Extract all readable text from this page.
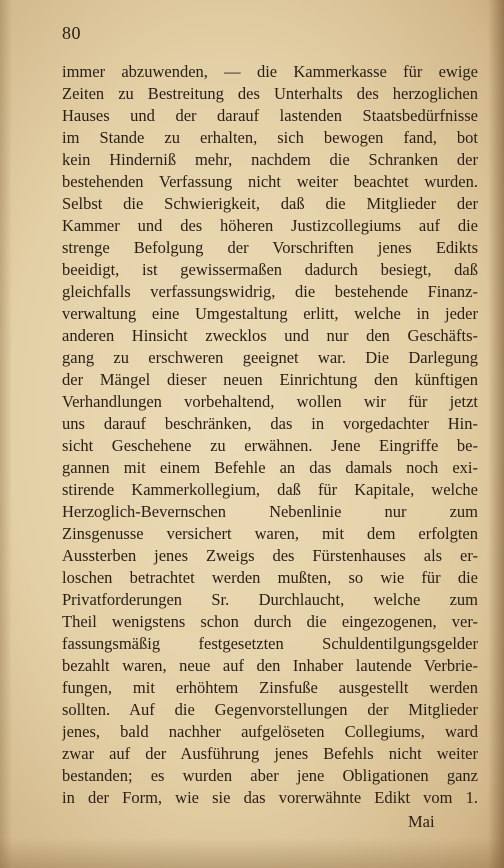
80
immer abzuwenden, — die Kammerkasse für ewige
Zeiten zu Bestreitung des Unterhalts des herzoglichen
Hauses und der darauf lastenden Staatsbedürfnisse
im Stande zu erhalten, sich bewogen fand, bot
kein Hinderniß mehr, nachdem die Schranken der
bestehenden Verfassung nicht weiter beachtet wurden.
Selbst die Schwierigkeit, daß die Mitglieder der
Kammer und des höheren Justizcollegiums auf die
strenge Befolgung der Vorschriften jenes Edikts
beeidigt, ist gewissermaßen dadurch besiegt, daß
gleichfalls verfassungswidrig, die bestehende Finanz-
verwaltung eine Umgestaltung erlitt, welche in jeder
anderen Hinsicht zwecklos und nur den Geschäfts-
gang zu erschweren geeignet war. Die Darlegung
der Mängel dieser neuen Einrichtung den künftigen
Verhandlungen vorbehaltend, wollen wir für jetzt
uns darauf beschränken, das in vorgedachter Hin-
sicht Geschehene zu erwähnen. Jene Eingriffe be-
gannen mit einem Befehle an das damals noch exi-
stirende Kammerkollegium, daß für Kapitale, welche
Herzoglich-Bevernschen Nebenlinie nur zum
Zinsgenusse versichert waren, mit dem erfolgten
Aussterben jenes Zweigs des Fürstenhauses als er-
loschen betrachtet werden mußten, so wie für die
Privatforderungen Sr. Durchlaucht, welche zum
Theil wenigstens schon durch die eingezogenen, ver-
fassungsmäßig festgesetzten Schuldentilgungsgelder
bezahlt waren, neue auf den Inhaber lautende Verbrie-
fungen, mit erhöhtem Zinsfuße ausgestellt werden
sollten. Auf die Gegenvorstellungen der Mitglieder
jenes, bald nachher aufgelöseten Collegiums, ward
zwar auf der Ausführung jenes Befehls nicht weiter
bestanden; es wurden aber jene Obligationen ganz
in der Form, wie sie das vorerwähnte Edikt vom 1.
Mai
